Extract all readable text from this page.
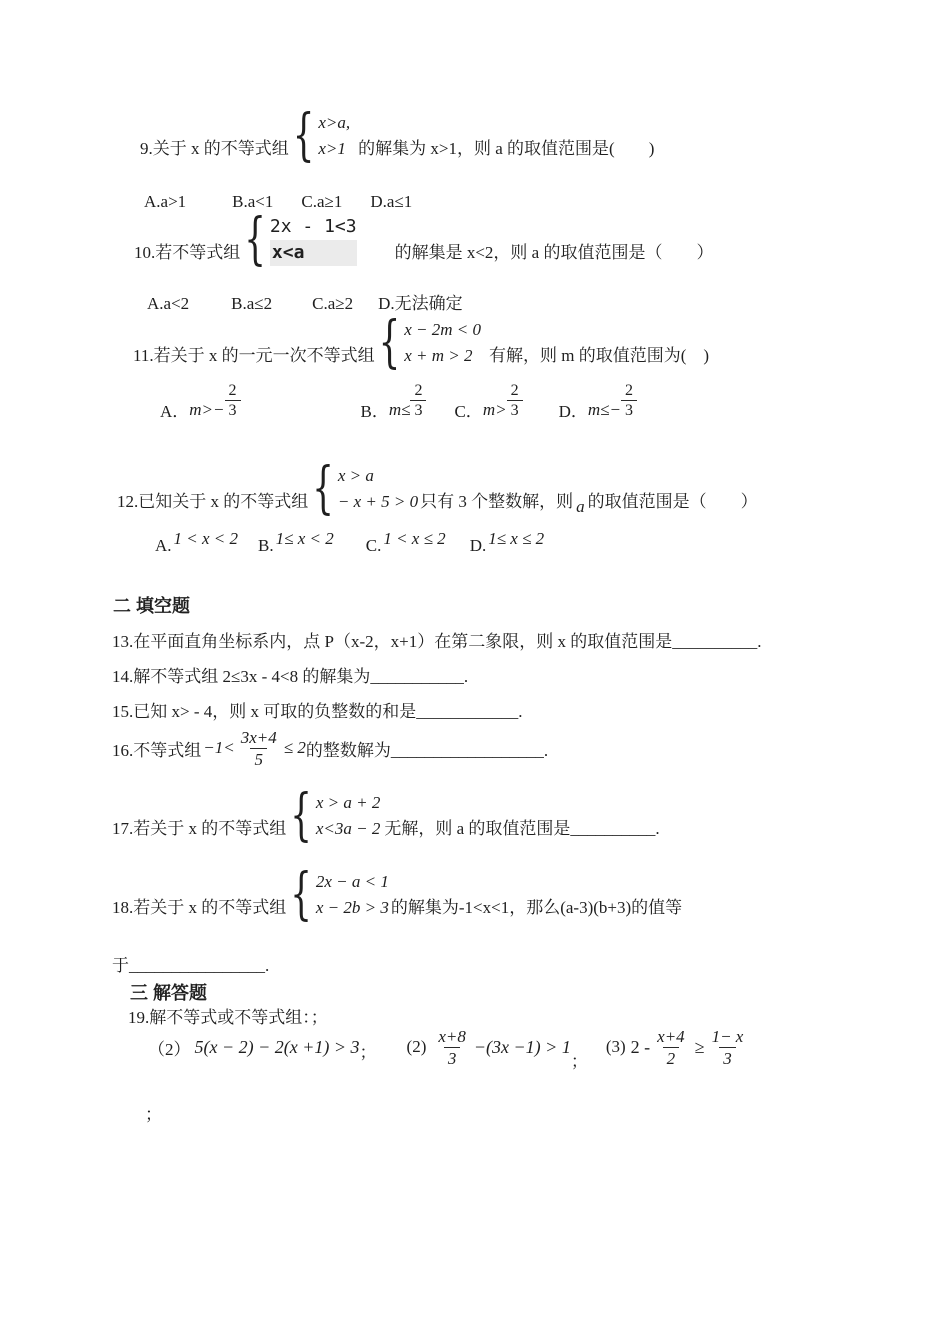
9.关于 x 的不等式组 { x>a,
x>1 的解集为 x>1，则 a 的取值范围是(　　)
A.a>1	B.a<1 C.a≥1 D.a≤1
10.若不等式组 { 2x - 1<3
x<a	的解集是 x<2，则 a 的取值范围是（　　）
A.a<2 B.a≤2 C.a≥2 D.无法确定
11.若关于 x 的一元一次不等式组 { x − 2m < 0
x + m > 2 有解，则 m 的取值范围为(　)
A． $m>- \frac{2}{3}$	B． $m\le \frac{2}{3}$ C． $m> \frac{2}{3}$ D． $m\le- \frac{2}{3}$
12.已知关于 x 的不等式组 { x > a
− x + 5 > 0 只有 3 个整数解，则 a 的取值范围是（　　）
A. 1 < x < 2 B. 1≤ x < 2 C. 1 < x ≤ 2 D. 1≤ x ≤ 2
二 填空题
13.在平面直角坐标系内，点 P（x-2，x+1）在第二象限，则 x 的取值范围是__________.
14.解不等式组 2≤3x - 4<8 的解集为___________.
15.已知 x> - 4，则 x 可取的负整数的和是____________.
16.不等式组 $-1< \frac{3x+4}{5} \le 2$ 的整数解为__________________.
17.若关于 x 的不等式组 { x > a + 2
x<3a − 2 无解，则 a 的取值范围是__________.
18.若关于 x 的不等式组 { 2x − a < 1
x − 2b > 3 的解集为-1<x<1，那么(a-3)(b+3)的值等
于________________.
三 解答题
19.解不等式或不等式组：；
（2） 5(x − 2) − 2(x +1) > 3 ； $(2) \frac{x+8}{3} -(3x -1) > 1$
；
(3) $2 - \frac{x+4}{2} \ge \frac{1- x}{3}$
；
